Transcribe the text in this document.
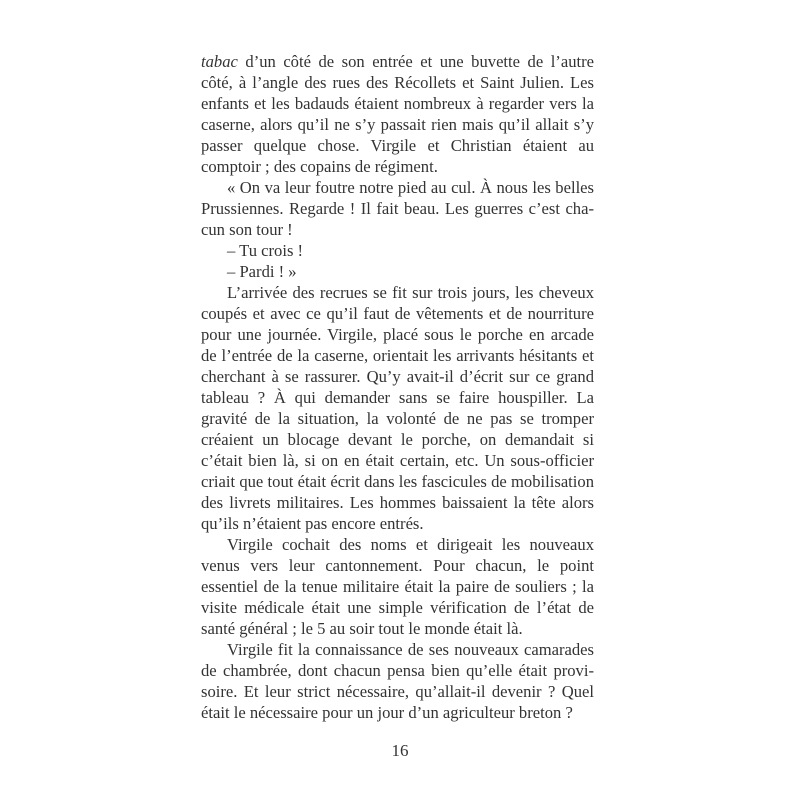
tabac d’un côté de son entrée et une buvette de l’autre côté, à l’angle des rues des Récollets et Saint Julien. Les enfants et les badauds étaient nombreux à regarder vers la caserne, alors qu’il ne s’y passait rien mais qu’il allait s’y passer quelque chose. Virgile et Christian étaient au comptoir ; des copains de régiment.

« On va leur foutre notre pied au cul. À nous les belles Prussiennes. Regarde ! Il fait beau. Les guerres c’est chacun son tour !

– Tu crois !

– Pardi ! »

L’arrivée des recrues se fit sur trois jours, les cheveux coupés et avec ce qu’il faut de vêtements et de nourriture pour une journée. Virgile, placé sous le porche en arcade de l’entrée de la caserne, orientait les arrivants hésitants et cherchant à se rassurer. Qu’y avait-il d’écrit sur ce grand tableau ? À qui demander sans se faire houspiller. La gravité de la situation, la volonté de ne pas se tromper créaient un blocage devant le porche, on demandait si c’était bien là, si on en était certain, etc. Un sous-officier criait que tout était écrit dans les fascicules de mobilisation des livrets militaires. Les hommes baissaient la tête alors qu’ils n’étaient pas encore entrés.

Virgile cochait des noms et dirigeait les nouveaux venus vers leur cantonnement. Pour chacun, le point essentiel de la tenue militaire était la paire de souliers ; la visite médicale était une simple vérification de l’état de santé général ; le 5 au soir tout le monde était là.

Virgile fit la connaissance de ses nouveaux camarades de chambrée, dont chacun pensa bien qu’elle était provisoire. Et leur strict nécessaire, qu’allait-il devenir ? Quel était le nécessaire pour un jour d’un agriculteur breton ?

16
